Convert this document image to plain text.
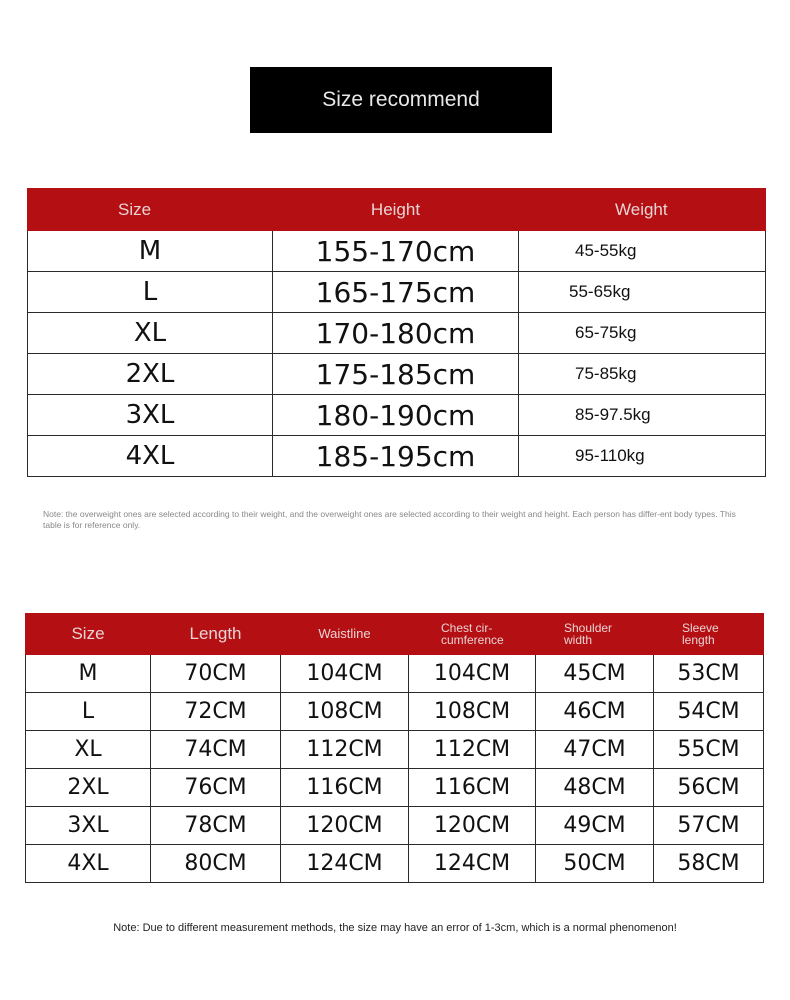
Size recommend
Size	Height	Weight
M	155-170cm	45-55kg
L	165-175cm	55-65kg
XL	170-180cm	65-75kg
2XL	175-185cm	75-85kg
3XL	180-190cm	85-97.5kg
4XL	185-195cm	95-110kg
Note: the overweight ones are selected according to their weight, and the overweight ones are selected according to their weight and height. Each person has differ-ent body types. This table is for reference only.
Size	Length	Waistline	Chest cir-cumference	Shoulder width	Sleeve length
M	70CM	104CM	104CM	45CM	53CM
L	72CM	108CM	108CM	46CM	54CM
XL	74CM	112CM	112CM	47CM	55CM
2XL	76CM	116CM	116CM	48CM	56CM
3XL	78CM	120CM	120CM	49CM	57CM
4XL	80CM	124CM	124CM	50CM	58CM
Note: Due to different measurement methods, the size may have an error of 1-3cm, which is a normal phenomenon!
